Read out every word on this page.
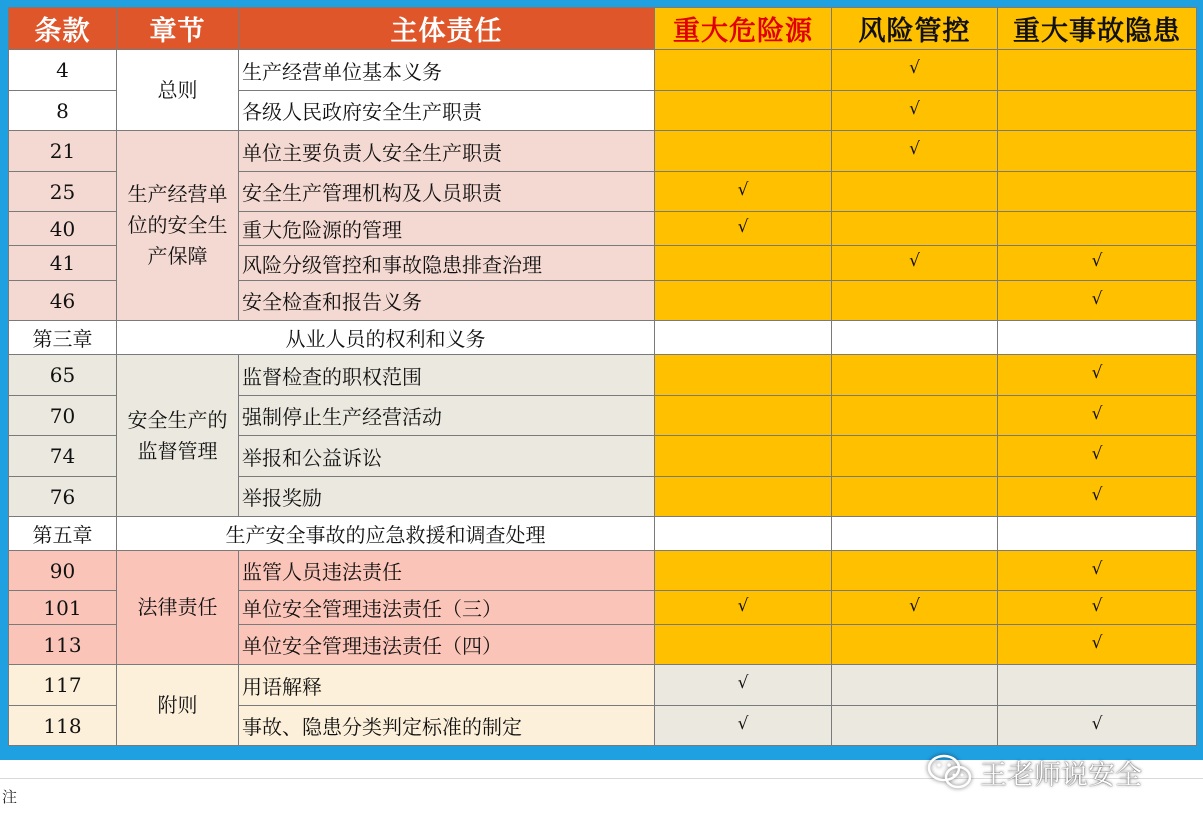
条款	章节	主体责任	重大危险源	风险管控	重大事故隐患
4	总则	生产经营单位基本义务		√	
8		各级人民政府安全生产职责		√	
21	生产经营单位的安全生产保障	单位主要负责人安全生产职责		√	
25		安全生产管理机构及人员职责	√		
40		重大危险源的管理	√		
41		风险分级管控和事故隐患排查治理		√	√
46		安全检查和报告义务			√
第三章	从业人员的权利和义务				
65	安全生产的监督管理	监督检查的职权范围			√
70		强制停止生产经营活动			√
74		举报和公益诉讼			√
76		举报奖励			√
第五章	生产安全事故的应急救援和调查处理				
90	法律责任	监管人员违法责任			√
101		单位安全管理违法责任（三）	√	√	√
113		单位安全管理违法责任（四）			√
117	附则	用语解释	√		
118		事故、隐患分类判定标准的制定	√		√
注
王老师说安全
